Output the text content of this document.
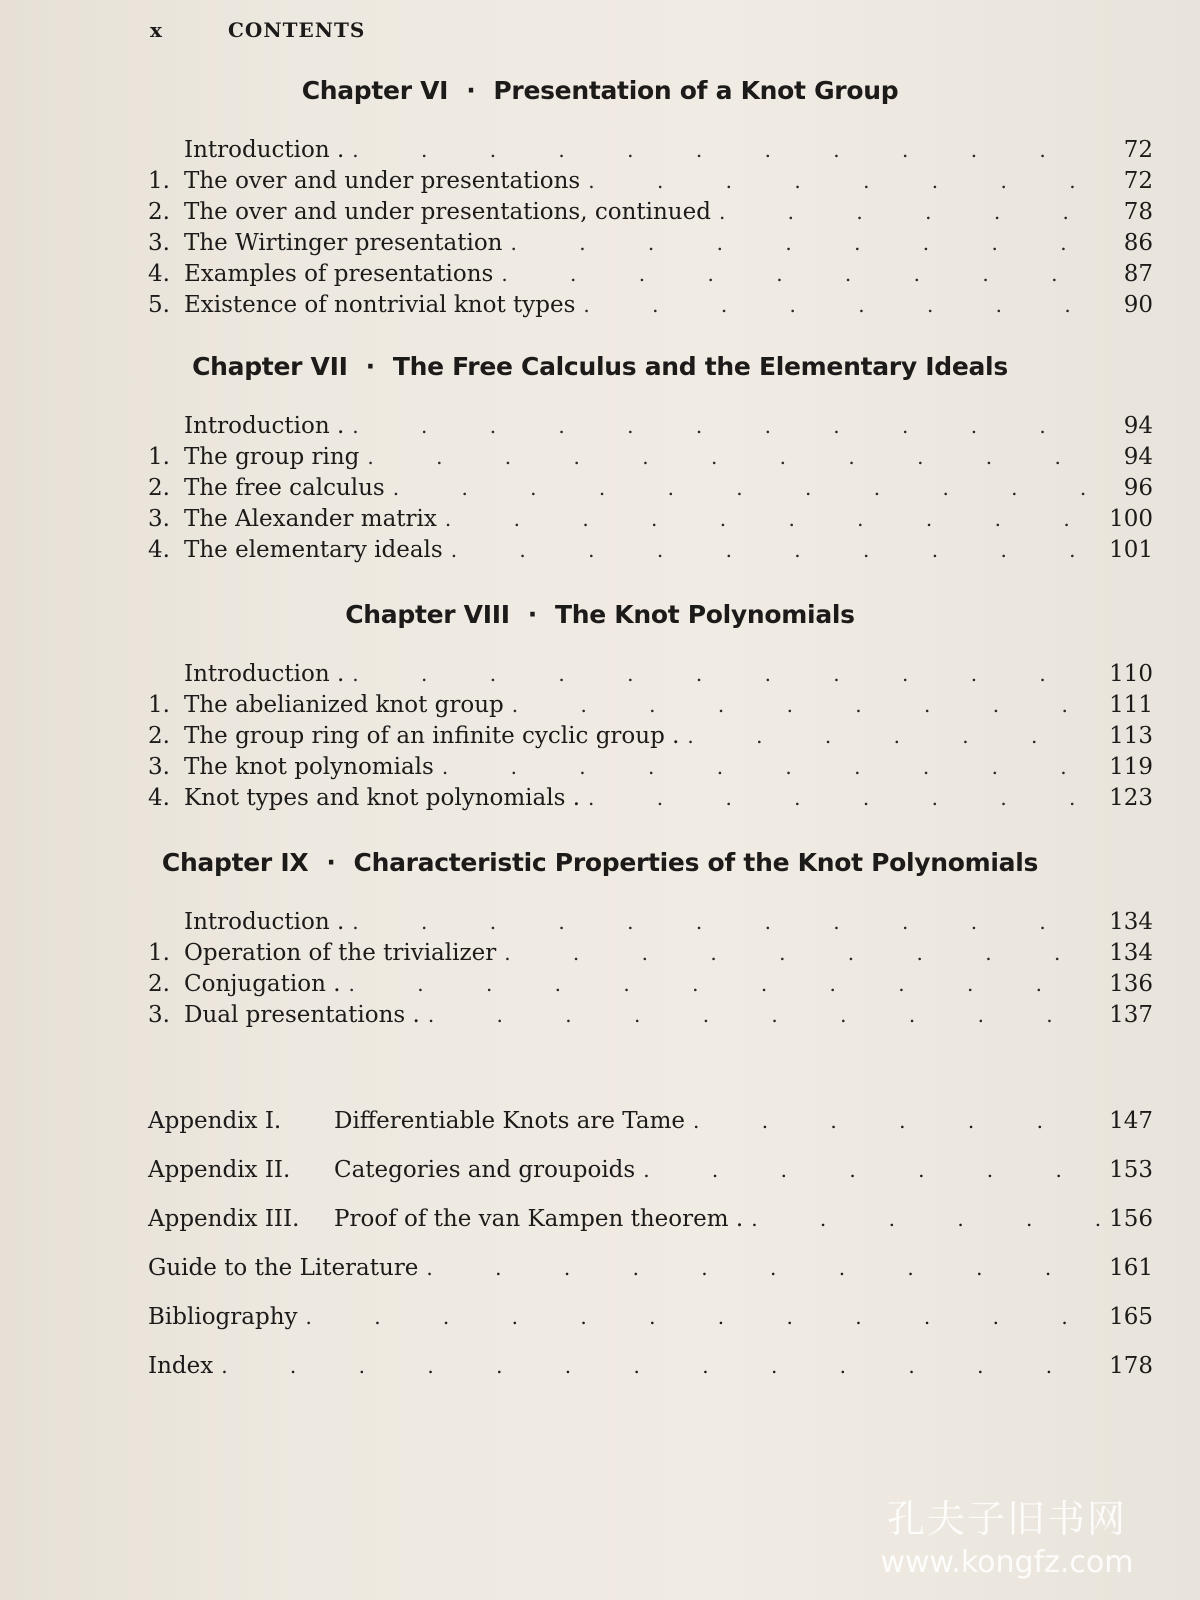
x	CONTENTS
Chapter VI · Presentation of a Knot Group
Introduction . . . .	72
1. The over and under presentations . . .	72
2. The over and under presentations, continued . . .	78
3. The Wirtinger presentation . . .	86
4. Examples of presentations . . .	87
5. Existence of nontrivial knot types . . .	90
Chapter VII · The Free Calculus and the Elementary Ideals
Introduction . . . .	94
1. The group ring . . .	94
2. The free calculus . . .	96
3. The Alexander matrix . . .	100
4. The elementary ideals . . .	101
Chapter VIII · The Knot Polynomials
Introduction . . . .	110
1. The abelianized knot group . . .	111
2. The group ring of an infinite cyclic group . . . .	113
3. The knot polynomials . . .	119
4. Knot types and knot polynomials . . . .	123
Chapter IX · Characteristic Properties of the Knot Polynomials
Introduction . . . .	134
1. Operation of the trivializer . . .	134
2. Conjugation . . . .	136
3. Dual presentations . . . .	137
Appendix I.	Differentiable Knots are Tame . . .	147
Appendix II.	Categories and groupoids . . .	153
Appendix III.	Proof of the van Kampen theorem . . . .	156
Guide to the Literature . . .	161
Bibliography . . .	165
Index . . .	178
孔夫子旧书网
www.kongfz.com
